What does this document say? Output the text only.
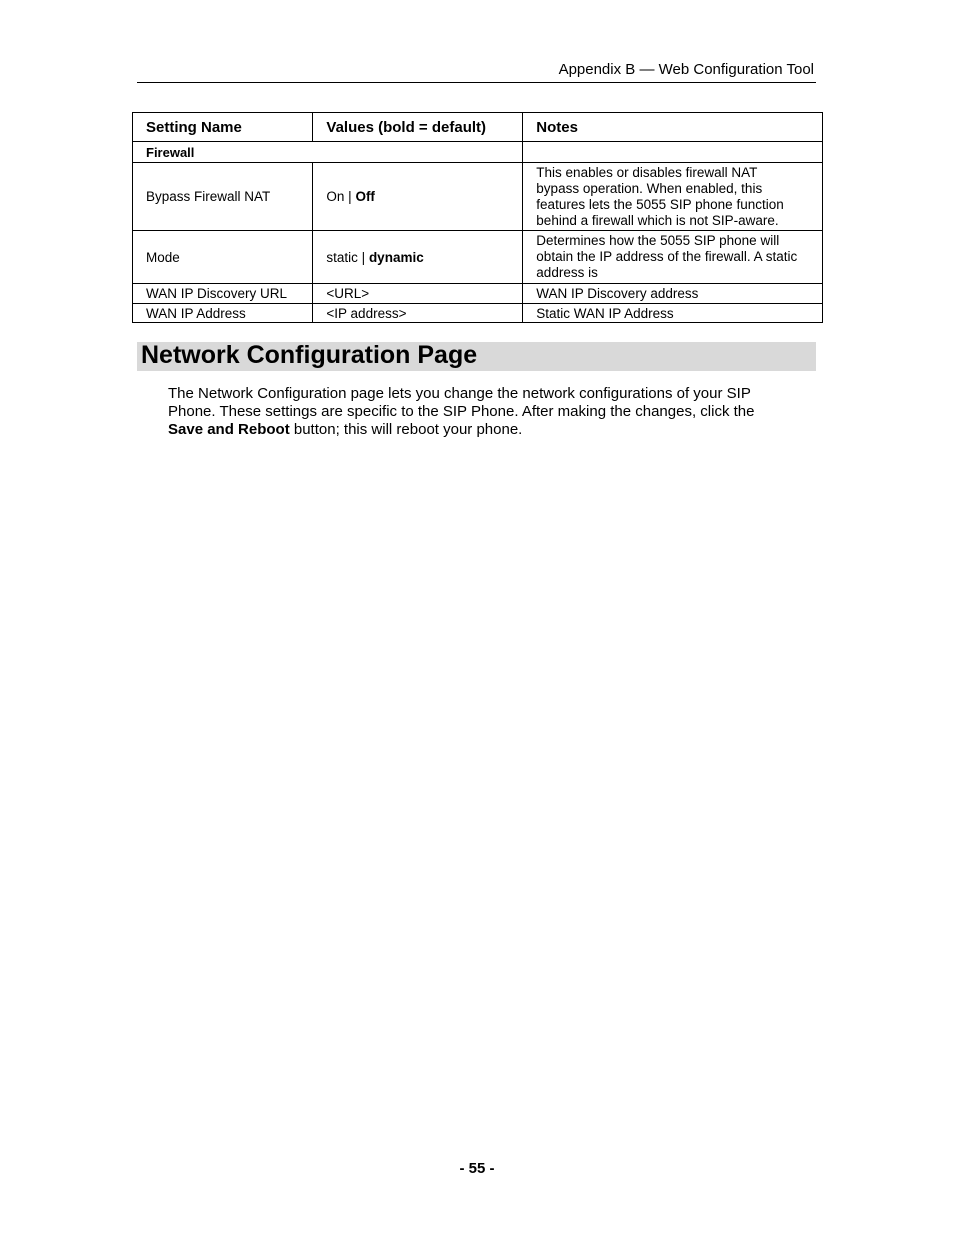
Appendix B — Web Configuration Tool
Setting Name	Values (bold = default)	Notes
Firewall		
Bypass Firewall NAT	On | Off	This enables or disables firewall NAT
bypass operation. When enabled, this
features lets the 5055 SIP phone function
behind a firewall which is not SIP-aware.

Mode	static | dynamic	Determines how the 5055 SIP phone will
obtain the IP address of the firewall. A static
address is

WAN IP Discovery URL	<URL>	WAN IP Discovery address
WAN IP Address	<IP address>	Static WAN IP Address
Network Configuration Page

The Network Configuration page lets you change the network configurations of your SIP
Phone. These settings are specific to the SIP Phone. After making the changes, click the
Save and Reboot button; this will reboot your phone.

- 55 -
